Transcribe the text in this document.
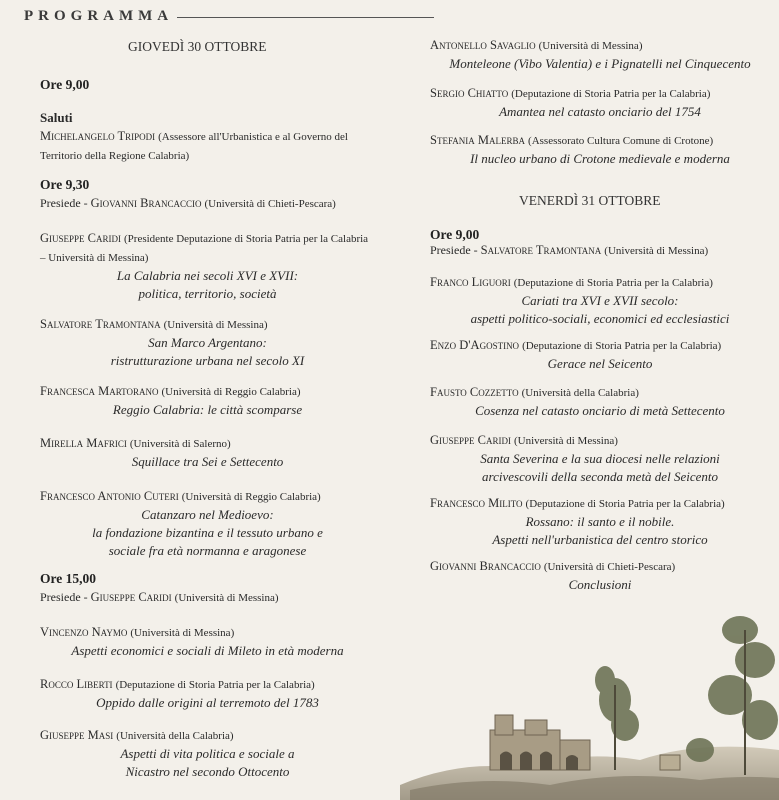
PROGRAMMA
GIOVEDÌ 30 OTTOBRE
Ore 9,00
Saluti
Michelangelo Tripodi (Assessore all'Urbanistica e al Governo del Territorio della Regione Calabria)
Ore 9,30
Presiede - Giovanni Brancaccio (Università di Chieti-Pescara)
Giuseppe Caridi (Presidente Deputazione di Storia Patria per la Calabria – Università di Messina)
La Calabria nei secoli XVI e XVII:
politica, territorio, società
Salvatore Tramontana (Università di Messina)
San Marco Argentano:
ristrutturazione urbana nel secolo XI
Francesca Martorano (Università di Reggio Calabria)
Reggio Calabria: le città scomparse
Mirella Mafrici (Università di Salerno)
Squillace tra Sei e Settecento
Francesco Antonio Cuteri (Università di Reggio Calabria)
Catanzaro nel Medioevo:
la fondazione bizantina e il tessuto urbano e
sociale fra età normanna e aragonese
Ore 15,00
Presiede - Giuseppe Caridi (Università di Messina)
Vincenzo Naymo (Università di Messina)
Aspetti economici e sociali di Mileto in età moderna
Rocco Liberti (Deputazione di Storia Patria per la Calabria)
Oppido dalle origini al terremoto del 1783
Giuseppe Masi (Università della Calabria)
Aspetti di vita politica e sociale a
Nicastro nel secondo Ottocento
Antonello Savaglio (Università di Messina)
Monteleone (Vibo Valentia) e i Pignatelli nel Cinquecento
Sergio Chiatto (Deputazione di Storia Patria per la Calabria)
Amantea nel catasto onciario del 1754
Stefania Malerba (Assessorato Cultura Comune di Crotone)
Il nucleo urbano di Crotone medievale e moderna
VENERDÌ 31 OTTOBRE
Ore 9,00
Presiede - Salvatore Tramontana (Università di Messina)
Franco Liguori (Deputazione di Storia Patria per la Calabria)
Cariati tra XVI e XVII secolo:
aspetti politico-sociali, economici ed ecclesiastici
Enzo D'Agostino (Deputazione di Storia Patria per la Calabria)
Gerace nel Seicento
Fausto Cozzetto (Università della Calabria)
Cosenza nel catasto onciario di metà Settecento
Giuseppe Caridi (Università di Messina)
Santa Severina e la sua diocesi nelle relazioni
arcivescovili della seconda metà del Seicento
Francesco Milito (Deputazione di Storia Patria per la Calabria)
Rossano: il santo e il nobile.
Aspetti nell'urbanistica del centro storico
Giovanni Brancaccio (Università di Chieti-Pescara)
Conclusioni
